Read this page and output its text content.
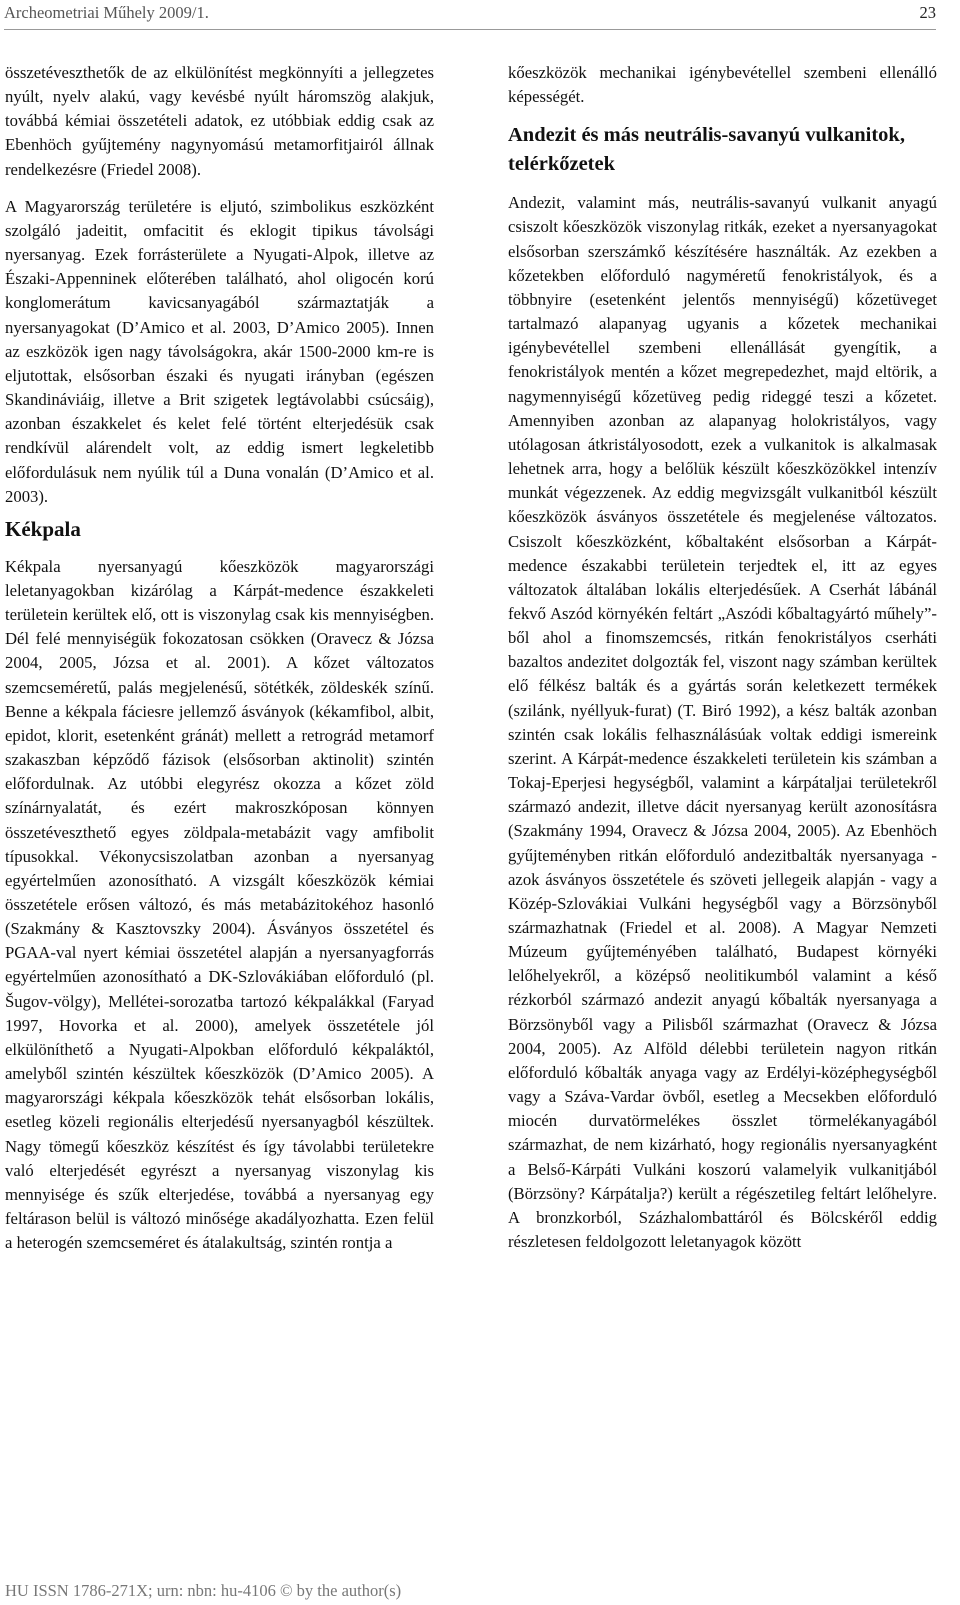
Archeometriai Műhely 2009/1.	23

összetéveszthetők de az elkülönítést megkönnyíti a jellegzetes nyúlt, nyelv alakú, vagy kevésbé nyúlt háromszög alakjuk, továbbá kémiai összetételi adatok, ez utóbbiak eddig csak az Ebenhöch gyűjtemény nagynyomású metamorfitjairól állnak rendelkezésre (Friedel 2008).

A Magyarország területére is eljutó, szimbolikus eszközként szolgáló jadeitit, omfacitit és eklogit tipikus távolsági nyersanyag. Ezek forrásterülete a Nyugati-Alpok, illetve az Északi-Appenninek előterében található, ahol oligocén korú konglomerátum kavicsanyagából származtatják a nyersanyagokat (D’Amico et al. 2003, D’Amico 2005). Innen az eszközök igen nagy távolságokra, akár 1500-2000 km-re is eljutottak, elsősorban északi és nyugati irányban (egészen Skandináviáig, illetve a Brit szigetek legtávolabbi csúcsáig), azonban északkelet és kelet felé történt elterjedésük csak rendkívül alárendelt volt, az eddig ismert legkeletibb előfordulásuk nem nyúlik túl a Duna vonalán (D’Amico et al. 2003).

Kékpala

Kékpala nyersanyagú kőeszközök magyarországi leletanyagokban kizárólag a Kárpát-medence északkeleti területein kerültek elő, ott is viszonylag csak kis mennyiségben. Dél felé mennyiségük fokozatosan csökken (Oravecz & Józsa 2004, 2005, Józsa et al. 2001). A kőzet változatos szemcseméretű, palás megjelenésű, sötétkék, zöldeskék színű. Benne a kékpala fáciesre jellemző ásványok (kékamfibol, albit, epidot, klorit, esetenként gránát) mellett a retrográd metamorf szakaszban képződő fázisok (elsősorban aktinolit) szintén előfordulnak. Az utóbbi elegyrész okozza a kőzet zöld színárnyalatát, és ezért makroszkóposan könnyen összetéveszthető egyes zöldpala-metabázit vagy amfibolit típusokkal. Vékonycsiszolatban azonban a nyersanyag egyértelműen azonosítható. A vizsgált kőeszközök kémiai összetétele erősen változó, és más metabázitokéhoz hasonló (Szakmány & Kasztovszky 2004). Ásványos összetétel és PGAA-val nyert kémiai összetétel alapján a nyersanyagforrás egyértelműen azonosítható a DK-Szlovákiában előforduló (pl. Šugov-völgy), Mellétei-sorozatba tartozó kékpalákkal (Faryad 1997, Hovorka et al. 2000), amelyek összetétele jól elkülöníthető a Nyugati-Alpokban előforduló kékpaláktól, amelyből szintén készültek kőeszközök (D’Amico 2005). A magyarországi kékpala kőeszközök tehát elsősorban lokális, esetleg közeli regionális elterjedésű nyersanyagból készültek. Nagy tömegű kőeszköz készítést és így távolabbi területekre való elterjedését egyrészt a nyersanyag viszonylag kis mennyisége és szűk elterjedése, továbbá a nyersanyag egy feltárason belül is változó minősége akadályozhatta. Ezen felül a heterogén szemcseméret és átalakultság, szintén rontja a

kőeszközök mechanikai igénybevétellel szembeni ellenálló képességét.

Andezit és más neutrális-savanyú vulkanitok, telérkőzetek

Andezit, valamint más, neutrális-savanyú vulkanit anyagú csiszolt kőeszközök viszonylag ritkák, ezeket a nyersanyagokat elsősorban szerszámkő készítésére használták. Az ezekben a kőzetekben előforduló nagyméretű fenokristályok, és a többnyire (esetenként jelentős mennyiségű) kőzetüveget tartalmazó alapanyag ugyanis a kőzetek mechanikai igénybevétellel szembeni ellenállását gyengítik, a fenokristályok mentén a kőzet megrepedezhet, majd eltörik, a nagymennyiségű kőzetüveg pedig rideggé teszi a kőzetet. Amennyiben azonban az alapanyag holokristályos, vagy utólagosan átkristályosodott, ezek a vulkanitok is alkalmasak lehetnek arra, hogy a belőlük készült kőeszközökkel intenzív munkát végezzenek. Az eddig megvizsgált vulkanitból készült kőeszközök ásványos összetétele és megjelenése változatos. Csiszolt kőeszközként, kőbaltaként elsősorban a Kárpát-medence északabbi területein terjedtek el, itt az egyes változatok általában lokális elterjedésűek. A Cserhát lábánál fekvő Aszód környékén feltárt „Aszódi kőbaltagyártó műhely”-ből ahol a finomszemcsés, ritkán fenokristályos cserháti bazaltos andezitet dolgozták fel, viszont nagy számban kerültek elő félkész balták és a gyártás során keletkezett termékek (szilánk, nyéllyuk-furat) (T. Biró 1992), a kész balták azonban szintén csak lokális felhasználásúak voltak eddigi ismereink szerint. A Kárpát-medence északkeleti területein kis számban a Tokaj-Eperjesi hegységből, valamint a kárpátaljai területekről származó andezit, illetve dácit nyersanyag került azonosításra (Szakmány 1994, Oravecz & Józsa 2004, 2005). Az Ebenhöch gyűjteményben ritkán előforduló andezitbalták nyersanyaga - azok ásványos összetétele és szöveti jellegeik alapján - vagy a Közép-Szlovákiai Vulkáni hegységből vagy a Börzsönyből származhatnak (Friedel et al. 2008). A Magyar Nemzeti Múzeum gyűjteményében található, Budapest környéki lelőhelyekről, a középső neolitikumból valamint a késő rézkorból származó andezit anyagú kőbalták nyersanyaga a Börzsönyből vagy a Pilisből származhat (Oravecz & Józsa 2004, 2005). Az Alföld délebbi területein nagyon ritkán előforduló kőbalták anyaga vagy az Erdélyi-középhegységből vagy a Száva-Vardar övből, esetleg a Mecsekben előforduló miocén durvatörmelékes összlet törmelékanyagából származhat, de nem kizárható, hogy regionális nyersanyagként a Belső-Kárpáti Vulkáni koszorú valamelyik vulkanitjából (Börzsöny? Kárpátalja?) került a régészetileg feltárt lelőhelyre. A bronzkorból, Százhalombattáról és Bölcskéről eddig részletesen feldolgozott leletanyagok között

HU ISSN 1786-271X; urn: nbn: hu-4106 © by the author(s)
